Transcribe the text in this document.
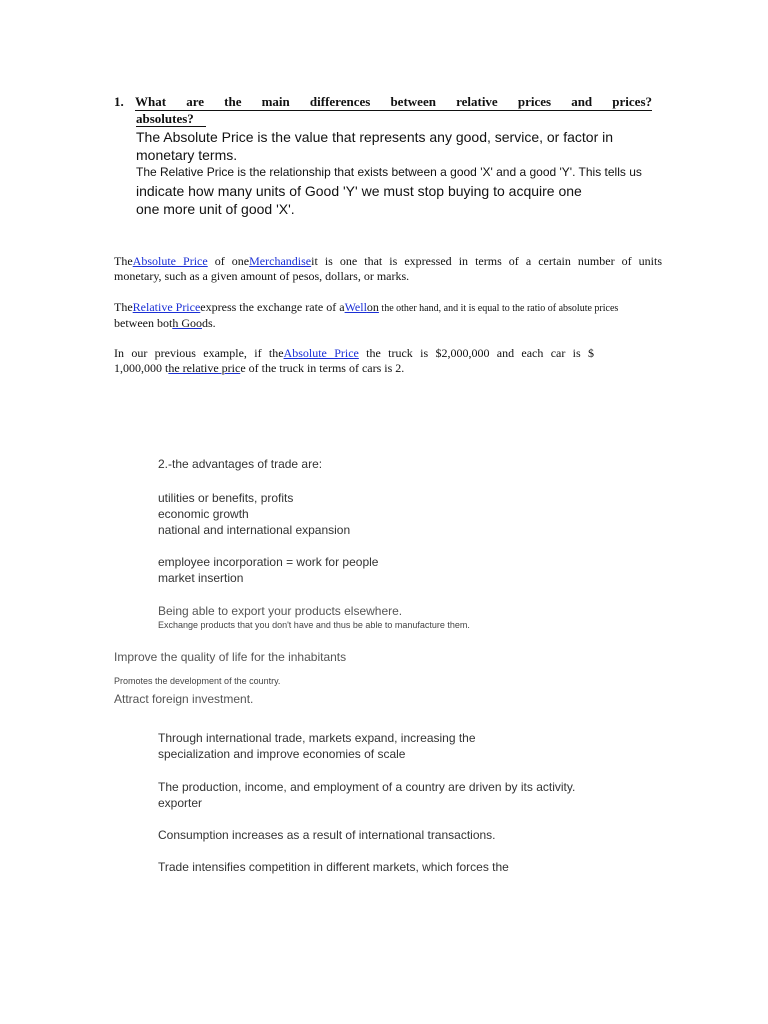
1. What are the main differences between relative prices and prices?
absolutes?
The Absolute Price is the value that represents any good, service, or factor in
monetary terms.
The Relative Price is the relationship that exists between a good 'X' and a good 'Y'. This tells us
indicate how many units of Good 'Y' we must stop buying to acquire one
one more unit of good 'X'.
TheAbsolute Price of oneMerchandiseit is one that is expressed in terms of a certain number of units
monetary, such as a given amount of pesos, dollars, or marks.
TheRelative Priceexpress the exchange rate of aWellon the other hand, and it is equal to the ratio of absolute prices
between both Goods.
In our previous example, if theAbsolute Price the truck is $2,000,000 and each car is $
1,000,000 the relative price of the truck in terms of cars is 2.
2.-the advantages of trade are:
utilities or benefits, profits
economic growth
national and international expansion
employee incorporation = work for people
market insertion
Being able to export your products elsewhere.
Exchange products that you don't have and thus be able to manufacture them.
Improve the quality of life for the inhabitants
Promotes the development of the country.
Attract foreign investment.
Through international trade, markets expand, increasing the
specialization and improve economies of scale
The production, income, and employment of a country are driven by its activity.
exporter
Consumption increases as a result of international transactions.
Trade intensifies competition in different markets, which forces the
